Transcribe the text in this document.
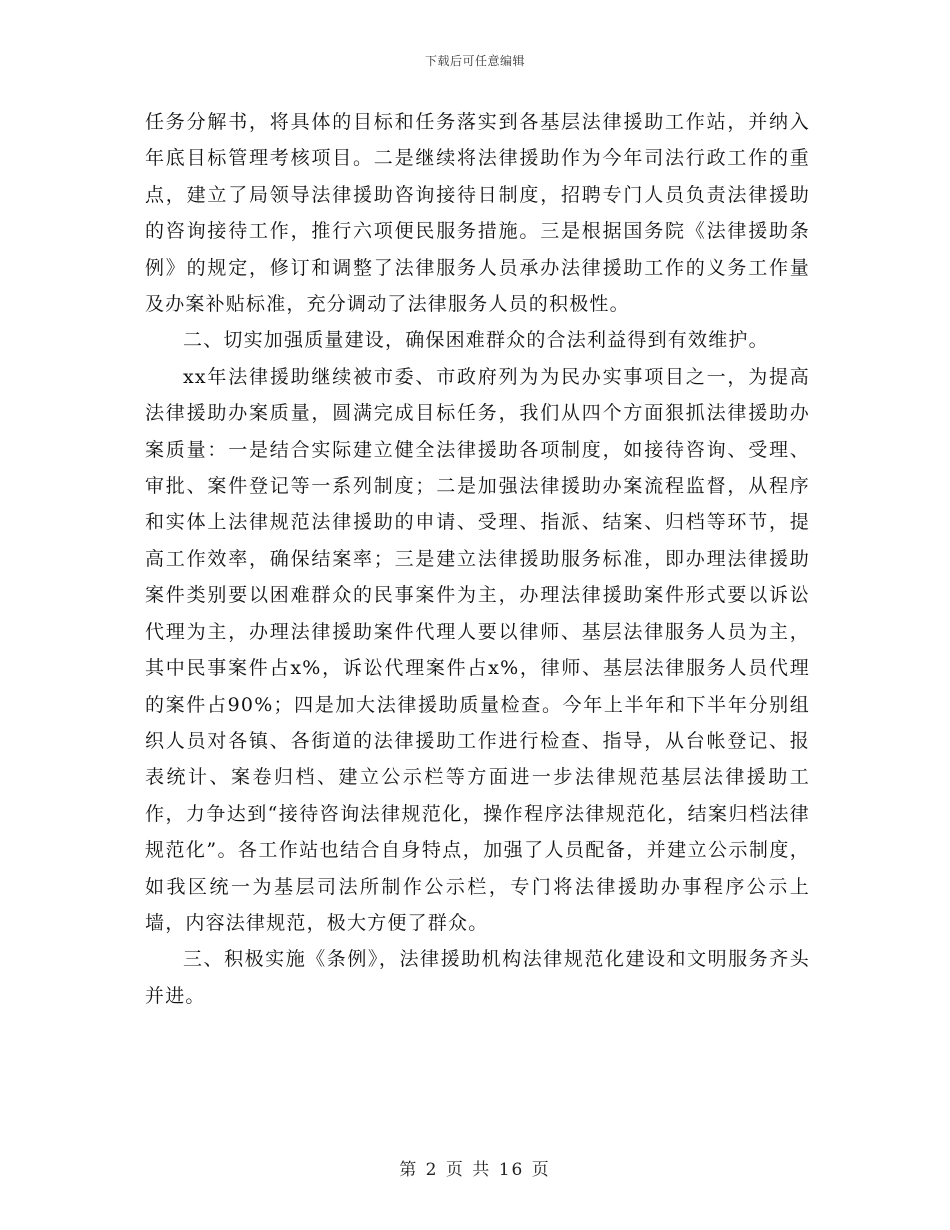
下载后可任意编辑

任务分解书，将具体的目标和任务落实到各基层法律援助工作站，并纳入年底目标管理考核项目。二是继续将法律援助作为今年司法行政工作的重点，建立了局领导法律援助咨询接待日制度，招聘专门人员负责法律援助的咨询接待工作，推行六项便民服务措施。三是根据国务院《法律援助条例》的规定，修订和调整了法律服务人员承办法律援助工作的义务工作量及办案补贴标准，充分调动了法律服务人员的积极性。

二、切实加强质量建设，确保困难群众的合法利益得到有效维护。

xx年法律援助继续被市委、市政府列为为民办实事项目之一，为提高法律援助办案质量，圆满完成目标任务，我们从四个方面狠抓法律援助办案质量：一是结合实际建立健全法律援助各项制度，如接待咨询、受理、审批、案件登记等一系列制度；二是加强法律援助办案流程监督，从程序和实体上法律规范法律援助的申请、受理、指派、结案、归档等环节，提高工作效率，确保结案率；三是建立法律援助服务标准，即办理法律援助案件类别要以困难群众的民事案件为主，办理法律援助案件形式要以诉讼代理为主，办理法律援助案件代理人要以律师、基层法律服务人员为主，其中民事案件占x%，诉讼代理案件占x%，律师、基层法律服务人员代理的案件占90%；四是加大法律援助质量检查。今年上半年和下半年分别组织人员对各镇、各街道的法律援助工作进行检查、指导，从台帐登记、报表统计、案卷归档、建立公示栏等方面进一步法律规范基层法律援助工作，力争达到“接待咨询法律规范化，操作程序法律规范化，结案归档法律规范化”。各工作站也结合自身特点，加强了人员配备，并建立公示制度，如我区统一为基层司法所制作公示栏，专门将法律援助办事程序公示上墙，内容法律规范，极大方便了群众。

三、积极实施《条例》，法律援助机构法律规范化建设和文明服务齐头并进。

第 2 页 共 16 页
